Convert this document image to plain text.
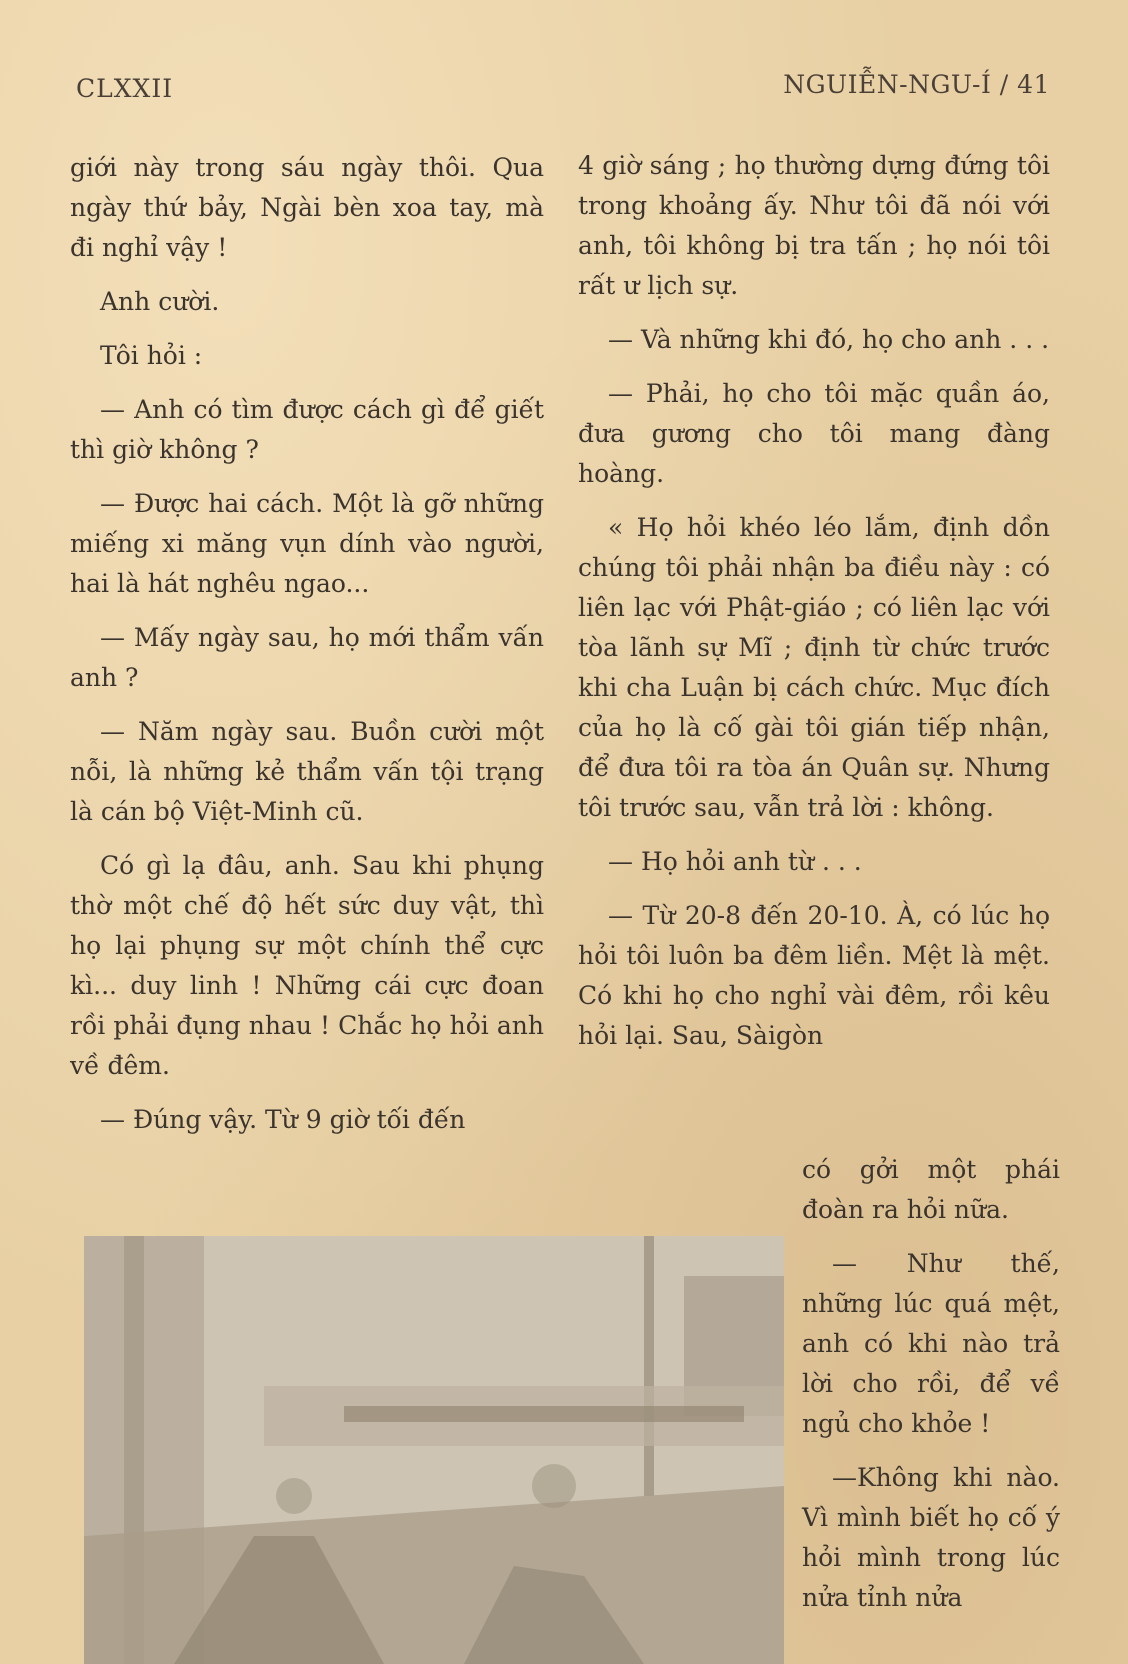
CLXXII	NGUIỄN-NGU-Í / 41

giới này trong sáu ngày thôi. Qua ngày thứ bảy, Ngài bèn xoa tay, mà đi nghỉ vậy !

Anh cười.

Tôi hỏi :

— Anh có tìm được cách gì để giết thì giờ không ?

— Được hai cách. Một là gỡ những miếng xi măng vụn dính vào người, hai là hát nghêu ngao...

— Mấy ngày sau, họ mới thẩm vấn anh ?

— Năm ngày sau. Buồn cười một nỗi, là những kẻ thẩm vấn tội trạng là cán bộ Việt-Minh cũ.

Có gì lạ đâu, anh. Sau khi phụng thờ một chế độ hết sức duy vật, thì họ lại phụng sự một chính thể cực kì... duy linh ! Những cái cực đoan rồi phải đụng nhau ! Chắc họ hỏi anh về đêm.

— Đúng vậy. Từ 9 giờ tối đến

4 giờ sáng ; họ thường dựng đứng tôi trong khoảng ấy. Như tôi đã nói với anh, tôi không bị tra tấn ; họ nói tôi rất ư lịch sự.

— Và những khi đó, họ cho anh . . .

— Phải, họ cho tôi mặc quần áo, đưa gương cho tôi mang đàng hoàng.

« Họ hỏi khéo léo lắm, định dồn chúng tôi phải nhận ba điều này : có liên lạc với Phật-giáo ; có liên lạc với tòa lãnh sự Mĩ ; định từ chức trước khi cha Luận bị cách chức. Mục đích của họ là cố gài tôi gián tiếp nhận, để đưa tôi ra tòa án Quân sự. Nhưng tôi trước sau, vẫn trả lời : không.

— Họ hỏi anh từ . . .

— Từ 20-8 đến 20-10. À, có lúc họ hỏi tôi luôn ba đêm liền. Mệt là mệt. Có khi họ cho nghỉ vài đêm, rồi kêu hỏi lại. Sau, Sàigòn

có gởi một phái đoàn ra hỏi nữa.

— Như thế, những lúc quá mệt, anh có khi nào trả lời cho rồi, để về ngủ cho khỏe !

—Không khi nào. Vì mình biết họ cố ý hỏi mình trong lúc nửa tỉnh nửa
